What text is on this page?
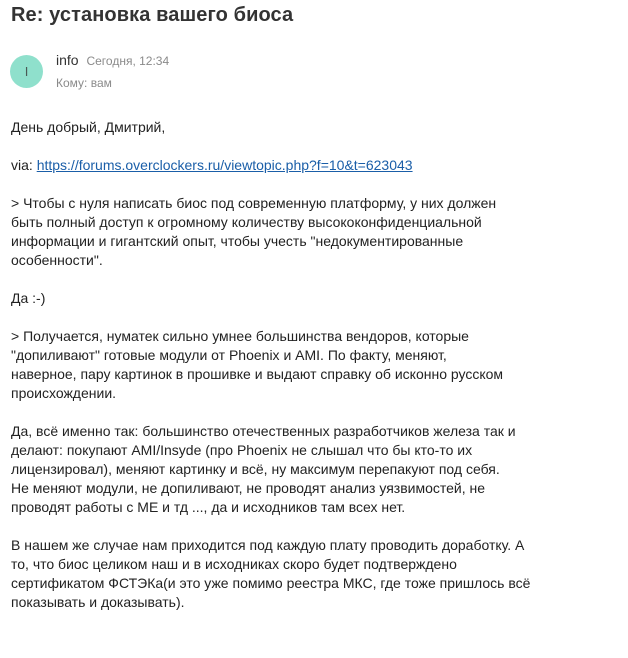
Re: установка вашего биоса
I
info Сегодня, 12:34
Кому: вам

День добрый, Дмитрий,

via: https://forums.overclockers.ru/viewtopic.php?f=10&t=623043

> Чтобы с нуля написать биос под современную платформу, у них должен
быть полный доступ к огромному количеству высококонфиденциальной
информации и гигантский опыт, чтобы учесть "недокументированные
особенности".

Да :-)

> Получается, нуматек сильно умнее большинства вендоров, которые
"допиливают" готовые модули от Phoenix и AMI. По факту, меняют,
наверное, пару картинок в прошивке и выдают справку об исконно русском
происхождении.

Да, всё именно так: большинство отечественных разработчиков железа так и
делают: покупают AMI/Insyde (про Phoenix не слышал что бы кто-то их
лицензировал), меняют картинку и всё, ну максимум перепакуют под себя.
Не меняют модули, не допиливают, не проводят анализ уязвимостей, не
проводят работы с ME и тд ..., да и исходников там всех нет.

В нашем же случае нам приходится под каждую плату проводить доработку. А
то, что биос целиком наш и в исходниках скоро будет подтверждено
сертификатом ФСТЭКа(и это уже помимо реестра МКС, где тоже пришлось всё
показывать и доказывать).
